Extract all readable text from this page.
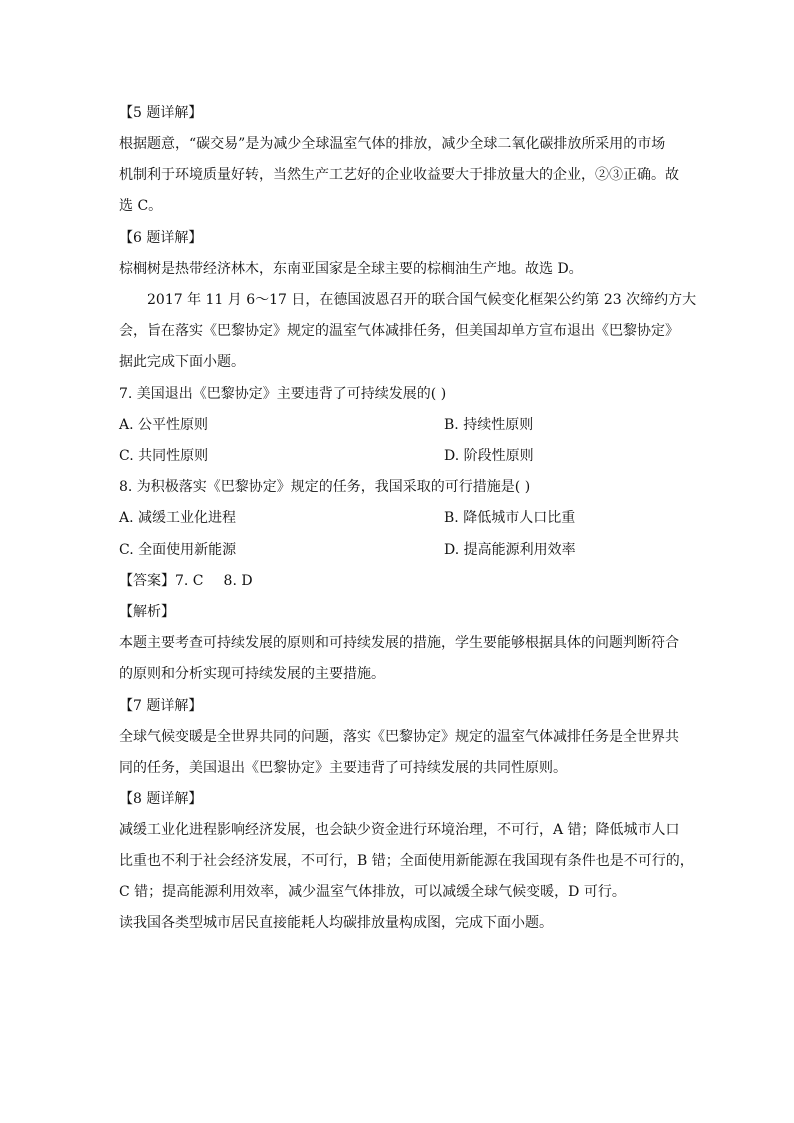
【5 题详解】
根据题意，“碳交易”是为减少全球温室气体的排放，减少全球二氧化碳排放所采用的市场
机制利于环境质量好转，当然生产工艺好的企业收益要大于排放量大的企业，②③正确。故
选 C。
【6 题详解】
棕榈树是热带经济林木，东南亚国家是全球主要的棕榈油生产地。故选 D。
2017 年 11 月 6～17 日，在德国波恩召开的联合国气候变化框架公约第 23 次缔约方大
会，旨在落实《巴黎协定》规定的温室气体减排任务，但美国却单方宣布退出《巴黎协定》
据此完成下面小题。
7. 美国退出《巴黎协定》主要违背了可持续发展的( )
A. 公平性原则	B. 持续性原则
C. 共同性原则	D. 阶段性原则
8. 为积极落实《巴黎协定》规定的任务，我国采取的可行措施是( )
A. 减缓工业化进程	B. 降低城市人口比重
C. 全面使用新能源	D. 提高能源利用效率
【答案】7. C 8. D
【解析】
本题主要考查可持续发展的原则和可持续发展的措施，学生要能够根据具体的问题判断符合
的原则和分析实现可持续发展的主要措施。
【7 题详解】
全球气候变暖是全世界共同的问题，落实《巴黎协定》规定的温室气体减排任务是全世界共
同的任务，美国退出《巴黎协定》主要违背了可持续发展的共同性原则。
【8 题详解】
减缓工业化进程影响经济发展，也会缺少资金进行环境治理，不可行，A 错；降低城市人口
比重也不利于社会经济发展，不可行，B 错；全面使用新能源在我国现有条件也是不可行的，
C 错；提高能源利用效率，减少温室气体排放，可以减缓全球气候变暖，D 可行。
读我国各类型城市居民直接能耗人均碳排放量构成图，完成下面小题。
